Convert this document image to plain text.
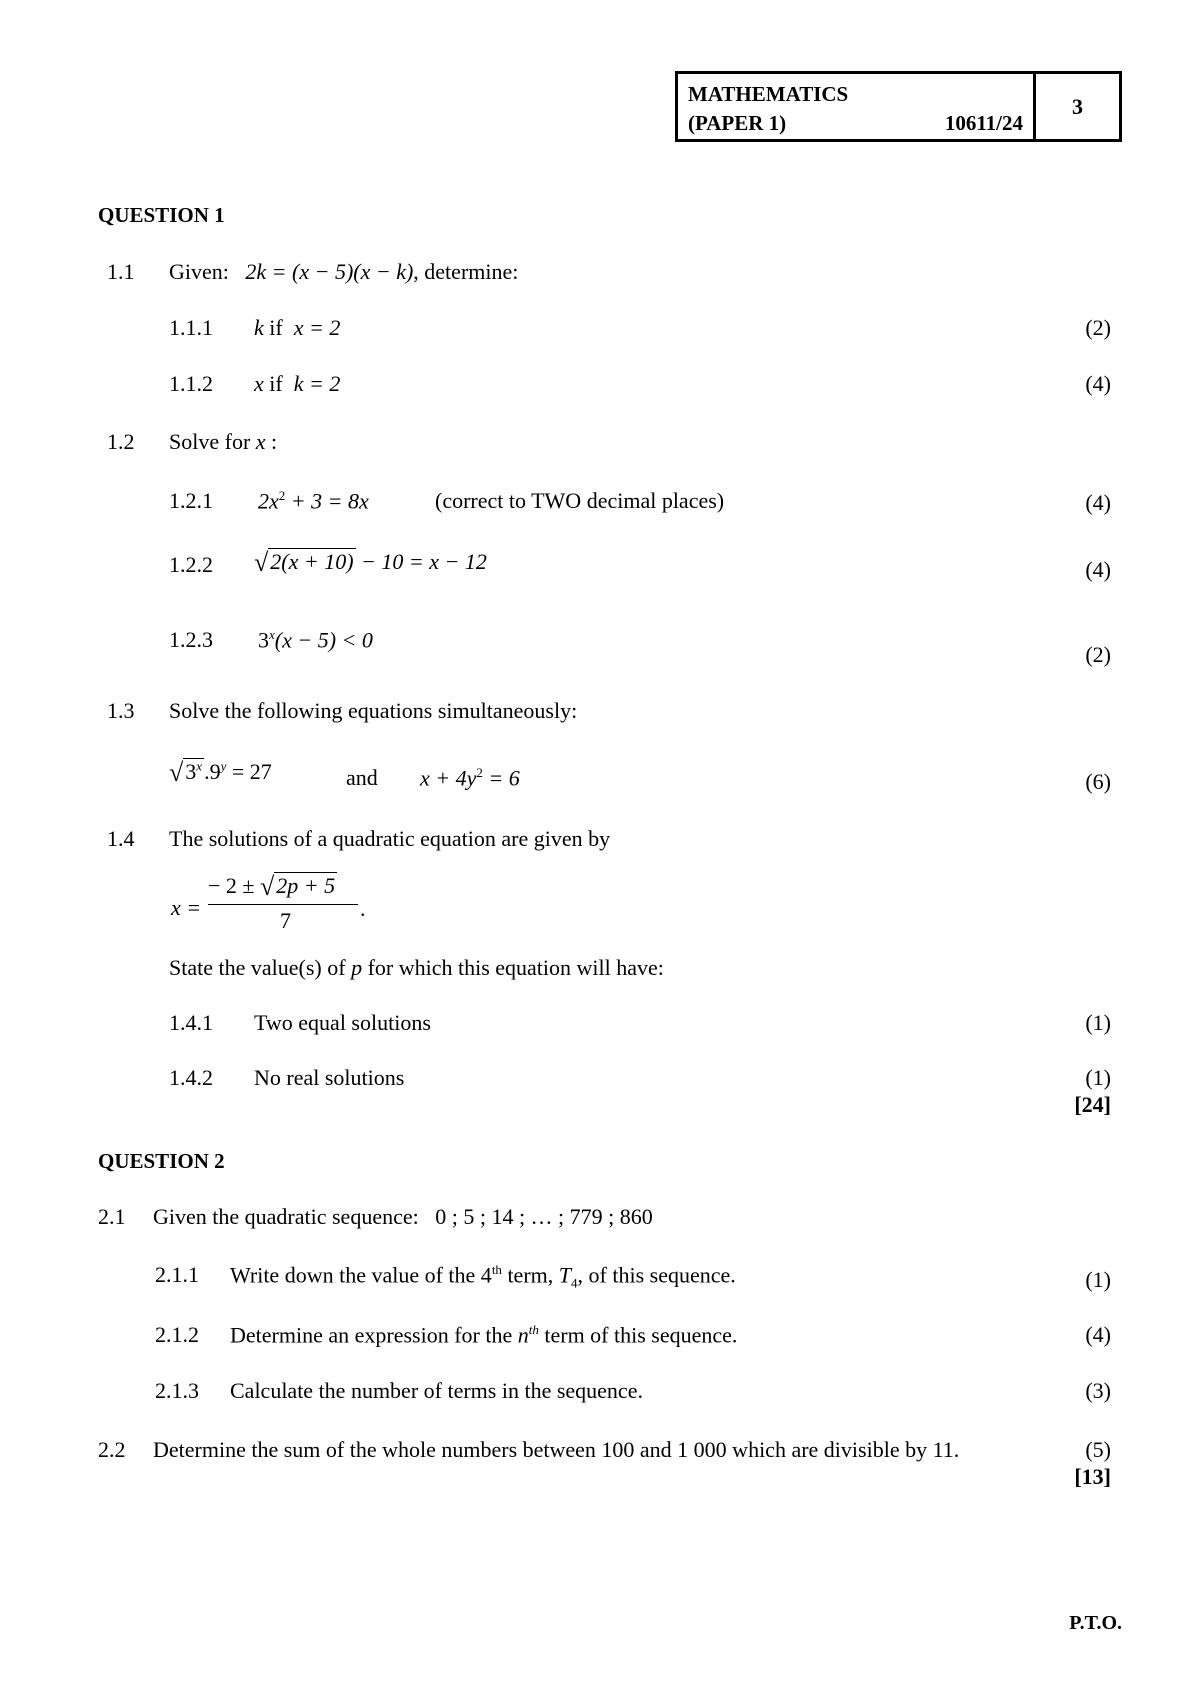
MATHEMATICS
(PAPER 1)	10611/24
3
QUESTION 1
1.1 Given: 2k = (x − 5)(x − k), determine:
1.1.1 k if x = 2	(2)
1.1.2 x if k = 2	(4)
1.2 Solve for x :
1.2.1 $2x^2 + 3 = 8x$	(correct to TWO decimal places)	(4)
1.2.2 √2(x + 10) − 10 = x − 12	(4)
1.2.3 $3^x(x - 5) < 0$
(2)
1.3 Solve the following equations simultaneously:
$√3^x.9^y = 27$	and $x + 4y^2 = 6$	(6)
1.4 The solutions of a quadratic equation are given by
x =
− 2 ± √2p + 5
7	.
State the value(s) of p for which this equation will have:
1.4.1 Two equal solutions	(1)
1.4.2 No real solutions	(1)
[24]
QUESTION 2
2.1 Given the quadratic sequence: 0 ; 5 ; 14 ; … ; 779 ; 860
2.1.1 Write down the value of the 4th term, $T_4$, of this sequence.	(1)
2.1.2 Determine an expression for the $n^{th}$ term of this sequence.	(4)
2.1.3 Calculate the number of terms in the sequence.	(3)
2.2 Determine the sum of the whole numbers between 100 and 1 000 which are divisible by 11.	(5)
[13]
P.T.O.
